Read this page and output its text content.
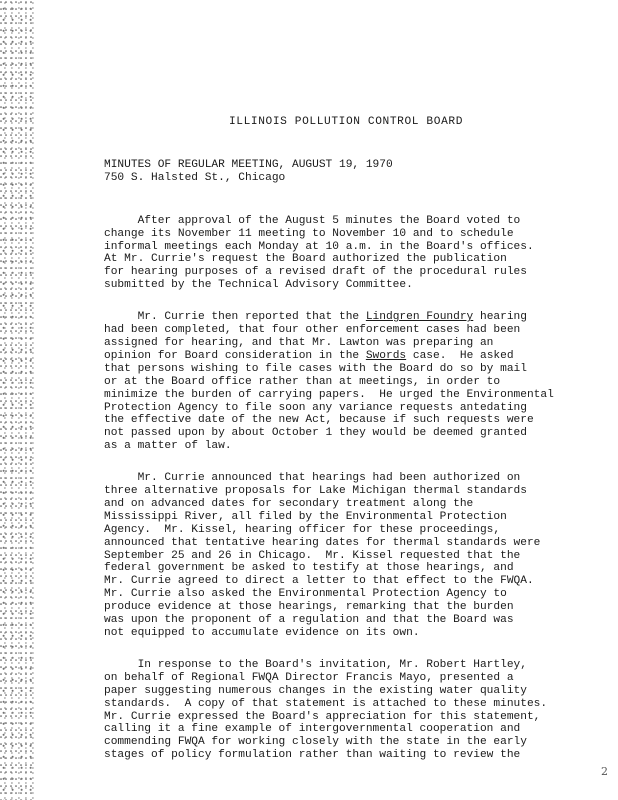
ILLINOIS POLLUTION CONTROL BOARD
MINUTES OF REGULAR MEETING, AUGUST 19, 1970
750 S. Halsted St., Chicago

After approval of the August 5 minutes the Board voted to
change its November 11 meeting to November 10 and to schedule
informal meetings each Monday at 10 a.m. in the Board's offices.
At Mr. Currie's request the Board authorized the publication
for hearing purposes of a revised draft of the procedural rules
submitted by the Technical Advisory Committee.

Mr. Currie then reported that the Lindgren Foundry hearing
had been completed, that four other enforcement cases had been
assigned for hearing, and that Mr. Lawton was preparing an
opinion for Board consideration in the Swords case.  He asked
that persons wishing to file cases with the Board do so by mail
or at the Board office rather than at meetings, in order to
minimize the burden of carrying papers.  He urged the Environmental
Protection Agency to file soon any variance requests antedating
the effective date of the new Act, because if such requests were
not passed upon by about October 1 they would be deemed granted
as a matter of law.

Mr. Currie announced that hearings had been authorized on
three alternative proposals for Lake Michigan thermal standards
and on advanced dates for secondary treatment along the
Mississippi River, all filed by the Environmental Protection
Agency.  Mr. Kissel, hearing officer for these proceedings,
announced that tentative hearing dates for thermal standards were
September 25 and 26 in Chicago.  Mr. Kissel requested that the
federal government be asked to testify at those hearings, and
Mr. Currie agreed to direct a letter to that effect to the FWQA.
Mr. Currie also asked the Environmental Protection Agency to
produce evidence at those hearings, remarking that the burden
was upon the proponent of a regulation and that the Board was
not equipped to accumulate evidence on its own.

In response to the Board's invitation, Mr. Robert Hartley,
on behalf of Regional FWQA Director Francis Mayo, presented a
paper suggesting numerous changes in the existing water quality
standards.  A copy of that statement is attached to these minutes.
Mr. Currie expressed the Board's appreciation for this statement,
calling it a fine example of intergovernmental cooperation and
commending FWQA for working closely with the state in the early
stages of policy formulation rather than waiting to review the

2
